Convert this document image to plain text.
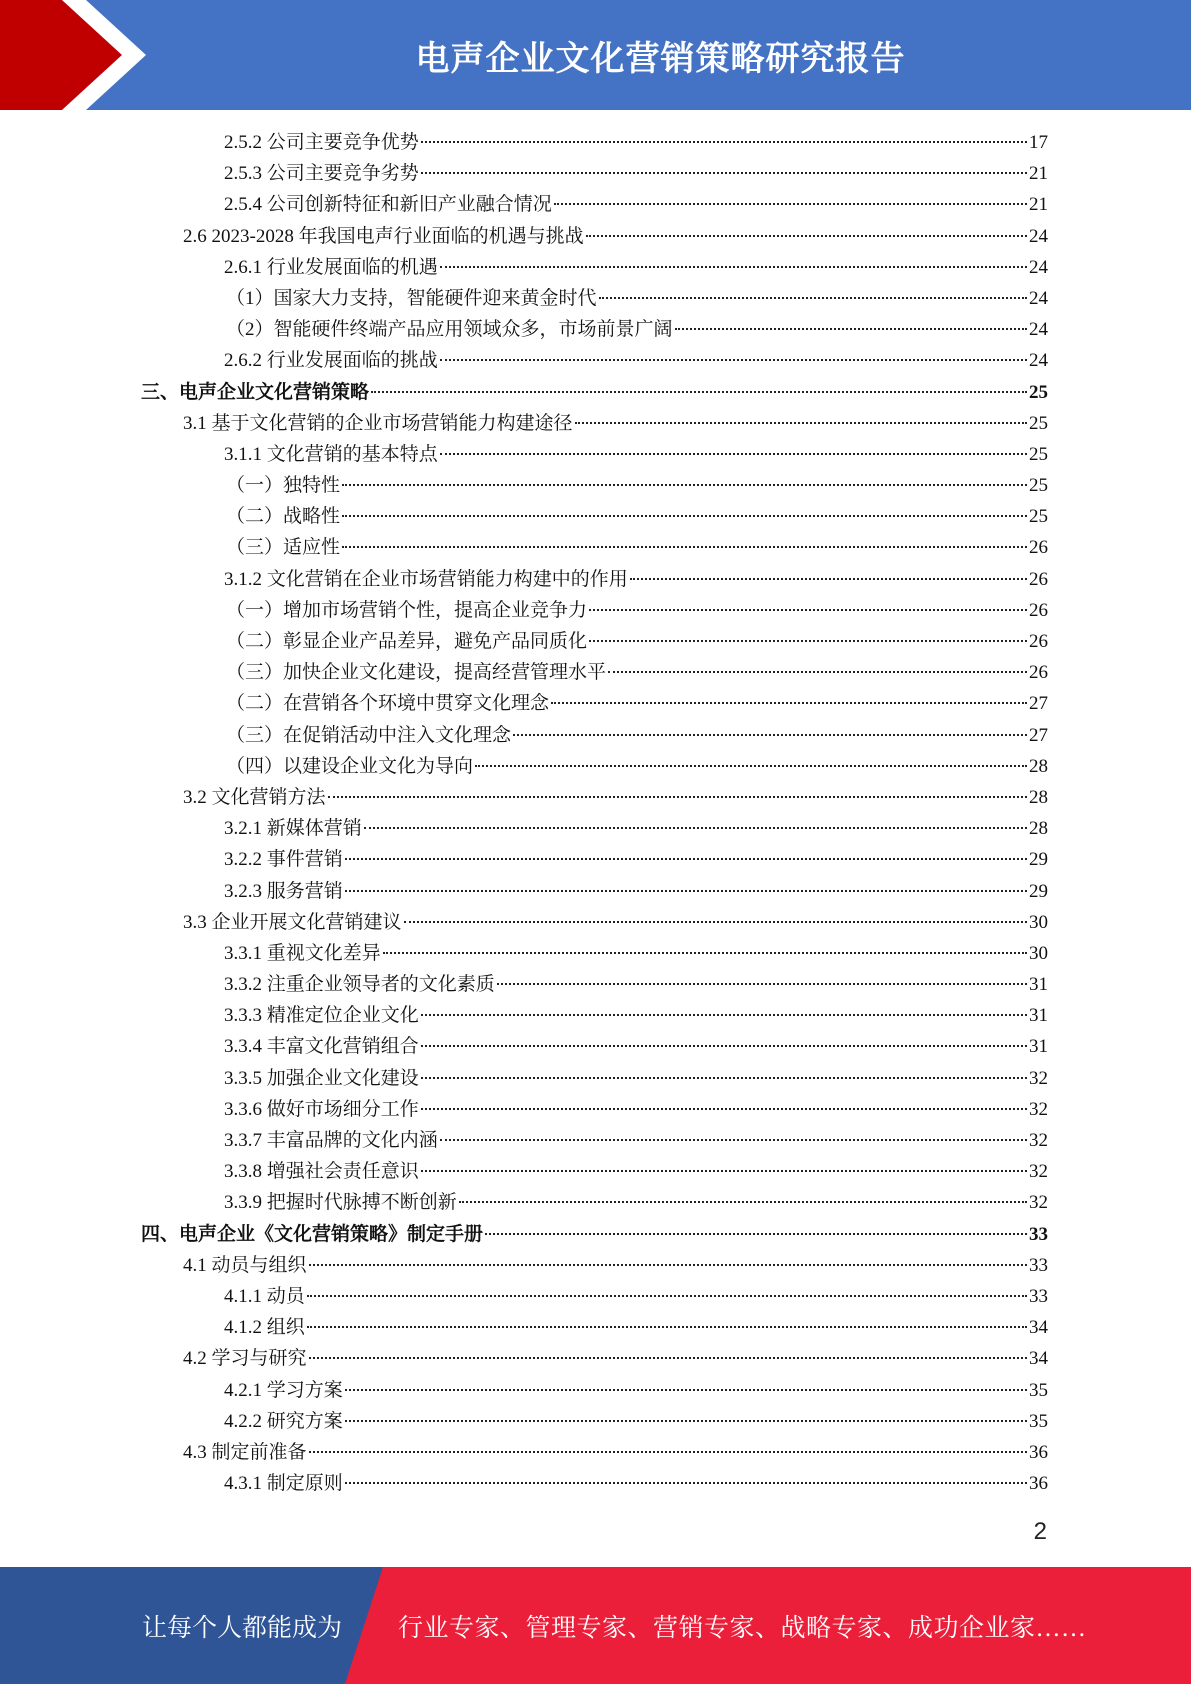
电声企业文化营销策略研究报告
2.5.2 公司主要竞争优势	17
2.5.3 公司主要竞争劣势	21
2.5.4 公司创新特征和新旧产业融合情况	21
2.6 2023-2028 年我国电声行业面临的机遇与挑战	24
2.6.1 行业发展面临的机遇	24
（1）国家大力支持，智能硬件迎来黄金时代	24
（2）智能硬件终端产品应用领域众多，市场前景广阔	24
2.6.2 行业发展面临的挑战	24
三、电声企业文化营销策略	25
3.1 基于文化营销的企业市场营销能力构建途径	25
3.1.1 文化营销的基本特点	25
（一）独特性	25
（二）战略性	25
（三）适应性	26
3.1.2 文化营销在企业市场营销能力构建中的作用	26
（一）增加市场营销个性，提高企业竞争力	26
（二）彰显企业产品差异，避免产品同质化	26
（三）加快企业文化建设，提高经营管理水平	26
（二）在营销各个环境中贯穿文化理念	27
（三）在促销活动中注入文化理念	27
（四）以建设企业文化为导向	28
3.2 文化营销方法	28
3.2.1 新媒体营销	28
3.2.2 事件营销	29
3.2.3 服务营销	29
3.3 企业开展文化营销建议	30
3.3.1 重视文化差异	30
3.3.2 注重企业领导者的文化素质	31
3.3.3 精准定位企业文化	31
3.3.4 丰富文化营销组合	31
3.3.5 加强企业文化建设	32
3.3.6 做好市场细分工作	32
3.3.7 丰富品牌的文化内涵	32
3.3.8 增强社会责任意识	32
3.3.9 把握时代脉搏不断创新	32
四、电声企业《文化营销策略》制定手册	33
4.1 动员与组织	33
4.1.1 动员	33
4.1.2 组织	34
4.2 学习与研究	34
4.2.1 学习方案	35
4.2.2 研究方案	35
4.3 制定前准备	36
4.3.1 制定原则	36
2
让每个人都能成为 行业专家、管理专家、营销专家、战略专家、成功企业家……
